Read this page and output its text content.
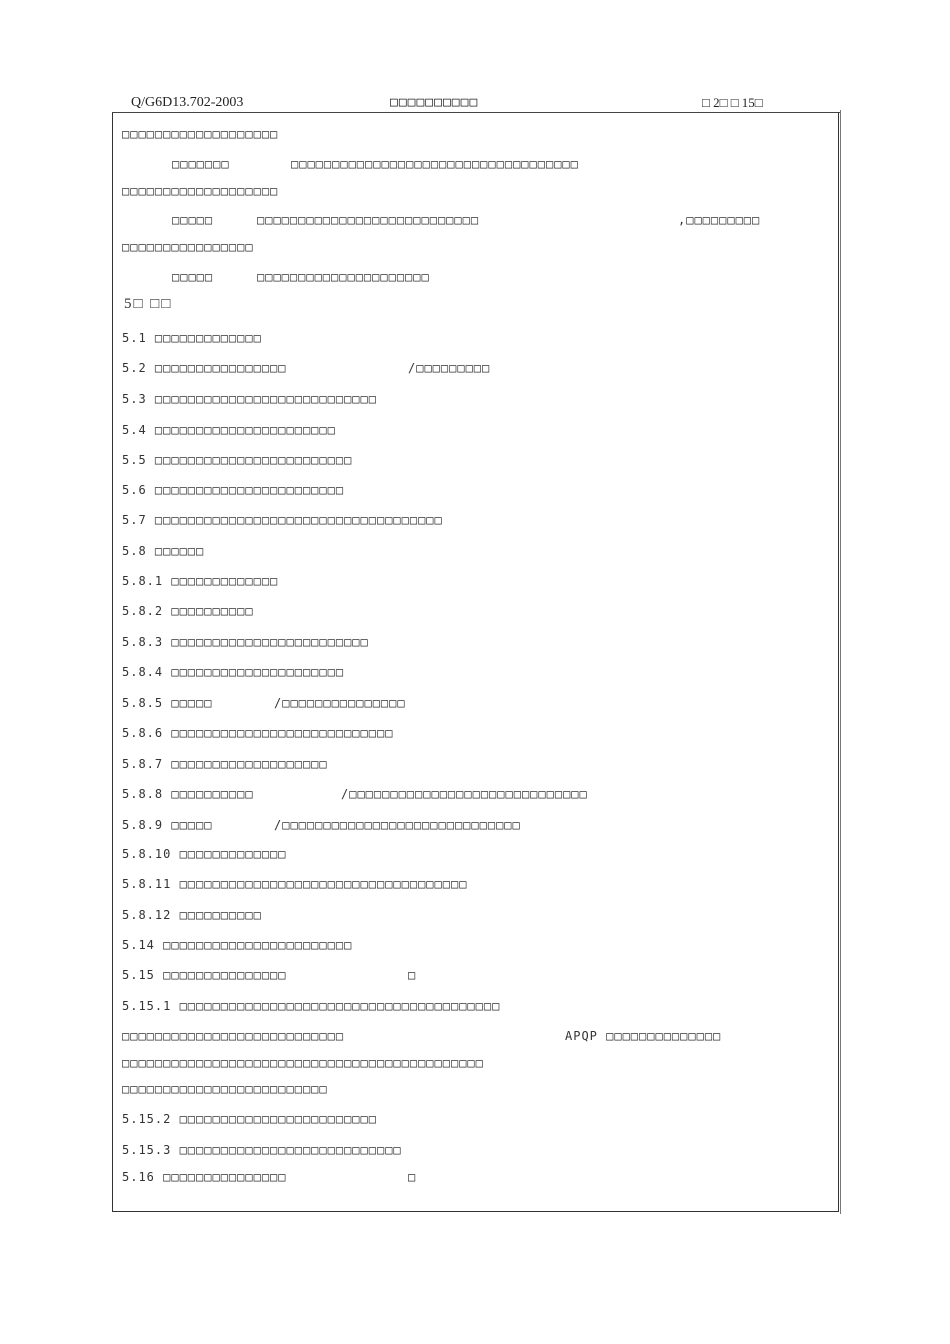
Q/G6D13.702-2003	□□□□□□□□□□	□ 2□ □ 15□
□□□□□□□□□□□□□□□□□□□
□□□□□□□	□□□□□□□□□□□□□□□□□□□□□□□□□□□□□□□□□□□
□□□□□□□□□□□□□□□□□□□
□□□□□	□□□□□□□□□□□□□□□□□□□□□□□□□□□	,□□□□□□□□□
□□□□□□□□□□□□□□□□
□□□□□	□□□□□□□□□□□□□□□□□□□□□
5□ □□
5.1 □□□□□□□□□□□□□
5.2 □□□□□□□□□□□□□□□□	/□□□□□□□□□
5.3 □□□□□□□□□□□□□□□□□□□□□□□□□□□
5.4 □□□□□□□□□□□□□□□□□□□□□□
5.5 □□□□□□□□□□□□□□□□□□□□□□□□
5.6 □□□□□□□□□□□□□□□□□□□□□□□
5.7 □□□□□□□□□□□□□□□□□□□□□□□□□□□□□□□□□□□
5.8 □□□□□□
5.8.1 □□□□□□□□□□□□□
5.8.2 □□□□□□□□□□
5.8.3 □□□□□□□□□□□□□□□□□□□□□□□□
5.8.4 □□□□□□□□□□□□□□□□□□□□□
5.8.5 □□□□□	/□□□□□□□□□□□□□□□
5.8.6 □□□□□□□□□□□□□□□□□□□□□□□□□□□
5.8.7 □□□□□□□□□□□□□□□□□□□
5.8.8 □□□□□□□□□□	/□□□□□□□□□□□□□□□□□□□□□□□□□□□□□
5.8.9 □□□□□	/□□□□□□□□□□□□□□□□□□□□□□□□□□□□□
5.8.10 □□□□□□□□□□□□□
5.8.11 □□□□□□□□□□□□□□□□□□□□□□□□□□□□□□□□□□□
5.8.12 □□□□□□□□□□
5.14 □□□□□□□□□□□□□□□□□□□□□□□
5.15 □□□□□□□□□□□□□□□	□
5.15.1 □□□□□□□□□□□□□□□□□□□□□□□□□□□□□□□□□□□□□□□
□□□□□□□□□□□□□□□□□□□□□□□□□□□	APQP □□□□□□□□□□□□□□
□□□□□□□□□□□□□□□□□□□□□□□□□□□□□□□□□□□□□□□□□□□□
□□□□□□□□□□□□□□□□□□□□□□□□□
5.15.2 □□□□□□□□□□□□□□□□□□□□□□□□
5.15.3 □□□□□□□□□□□□□□□□□□□□□□□□□□□
5.16 □□□□□□□□□□□□□□□	□
